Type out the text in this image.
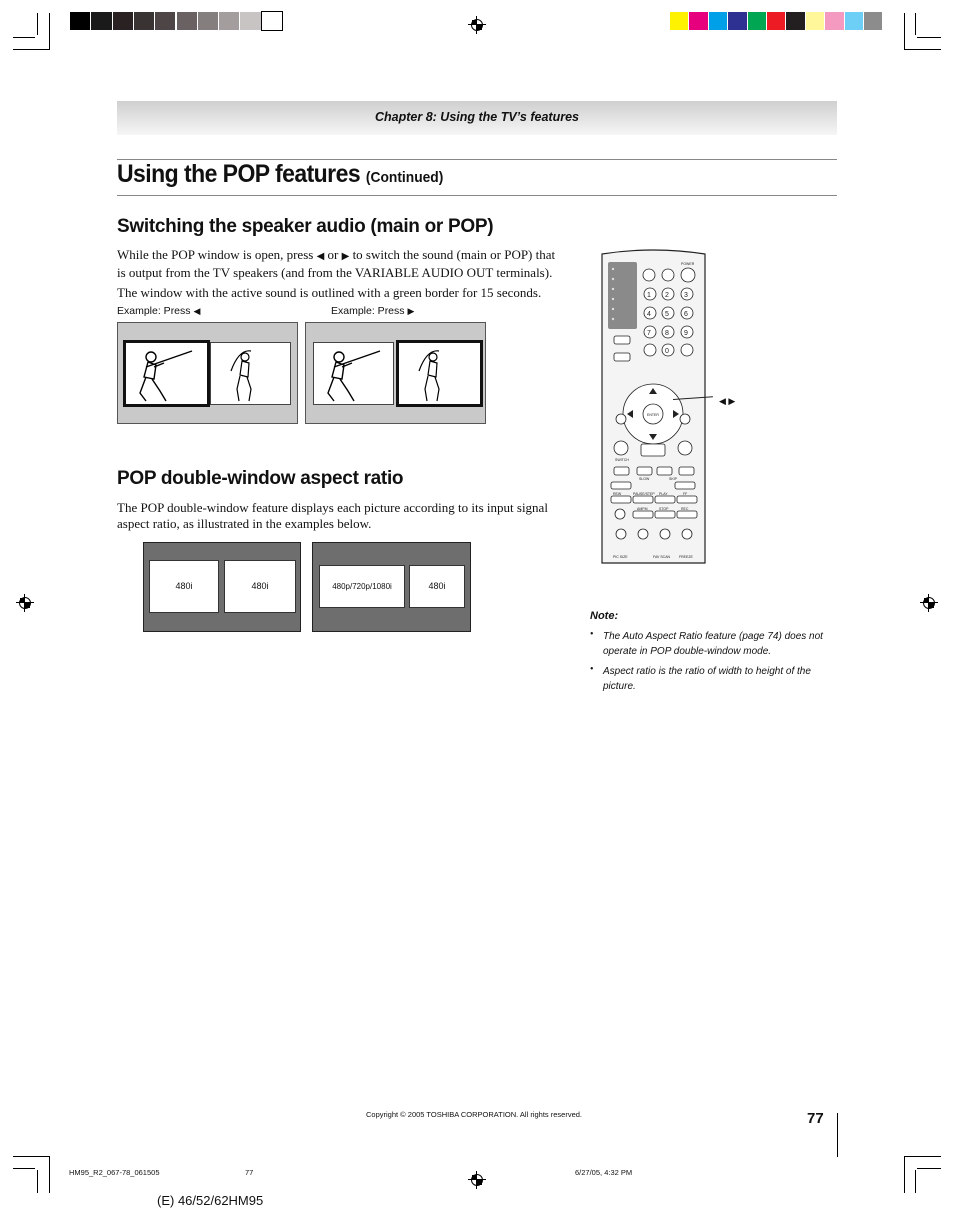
Chapter 8: Using the TV’s features
Using the POP features (Continued)
Switching the speaker audio (main or POP)
While the POP window is open, press ◀ or ▶ to switch the sound (main or POP) that
is output from the TV speakers (and from the VARIABLE AUDIO OUT terminals).
The window with the active sound is outlined with a green border for 15 seconds.
Example: Press ◀	Example: Press ▶
POP double-window aspect ratio
The POP double-window feature displays each picture according to its input signal
aspect ratio, as illustrated in the examples below.
480i	480i	480p/720p/1080i	480i
POWER
ENTER
SWITCH
SLOW	SKIP
REW	PAUSE/STEP PLAY	FF
AMPM	STOP	REC
PIC SIZE	FAV SCAN	FREEZE
1 2 3
4 5 6
7 8 9
0
◀ ▶
Note:
• The Auto Aspect Ratio feature (page 74) does not operate in POP double-window mode.
• Aspect ratio is the ratio of width to height of the picture.
Copyright © 2005 TOSHIBA CORPORATION. All rights reserved.	77
HM95_R2_067-78_061505	77	6/27/05, 4:32 PM
(E) 46/52/62HM95
